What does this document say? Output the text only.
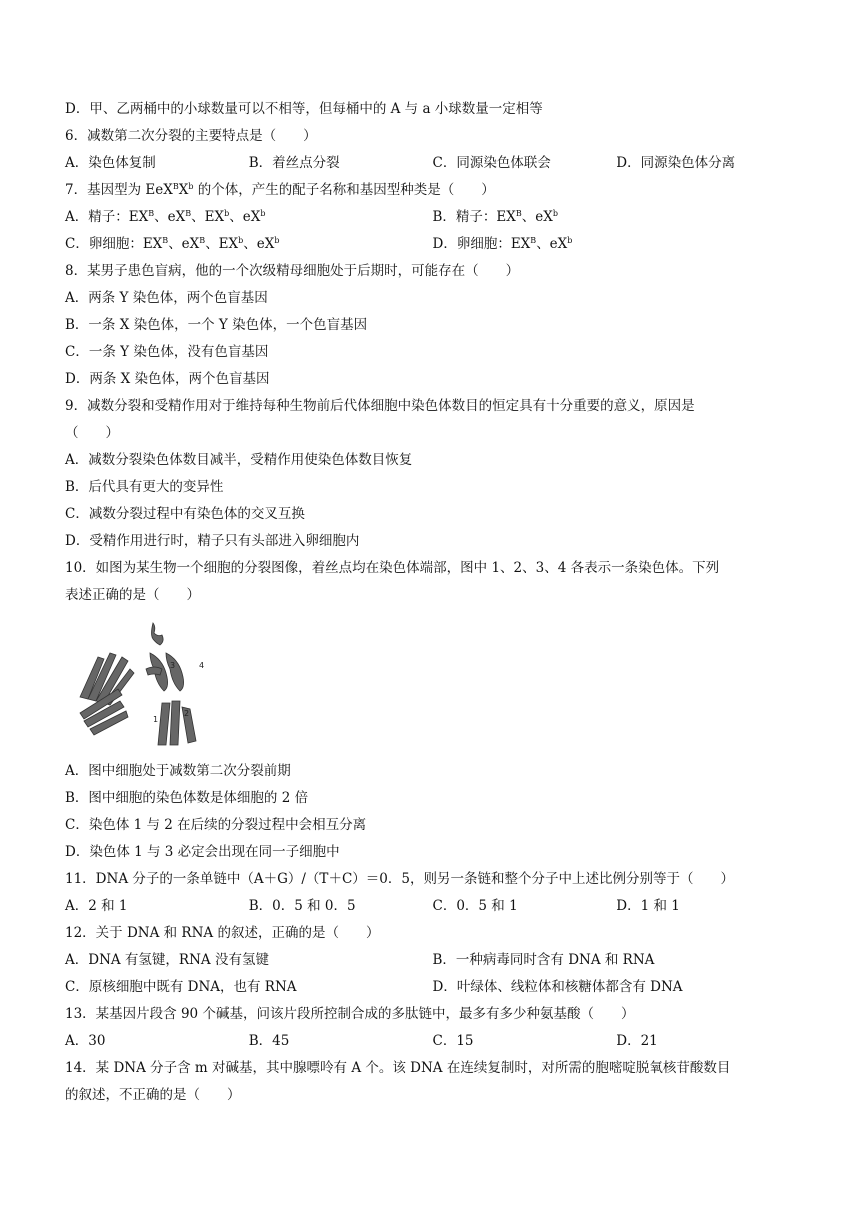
D．甲、乙两桶中的小球数量可以不相等，但每桶中的 A 与 a 小球数量一定相等
6．减数第二次分裂的主要特点是（　　）
A．染色体复制	B．着丝点分裂	C．同源染色体联会	D．同源染色体分离
7．基因型为 $EeX^BX^b$ 的个体，产生的配子名称和基因型种类是（　　）
A．精子：$EX^B$、$eX^B$、$EX^b$、$eX^b$	B．精子：$EX^B$、$eX^b$
C．卵细胞：$EX^B$、$eX^B$、$EX^b$、$eX^b$	D．卵细胞：$EX^B$、$eX^b$
8．某男子患色盲病，他的一个次级精母细胞处于后期时，可能存在（　　）
A．两条 Y 染色体，两个色盲基因
B．一条 X 染色体，一个 Y 染色体，一个色盲基因
C．一条 Y 染色体，没有色盲基因
D．两条 X 染色体，两个色盲基因
9．减数分裂和受精作用对于维持每种生物前后代体细胞中染色体数目的恒定具有十分重要的意义，原因是
（　　）
A．减数分裂染色体数目减半，受精作用使染色体数目恢复
B．后代具有更大的变异性
C．减数分裂过程中有染色体的交叉互换
D．受精作用进行时，精子只有头部进入卵细胞内
10．如图为某生物一个细胞的分裂图像，着丝点均在染色体端部，图中 1、2、3、4 各表示一条染色体。下列
表述正确的是（　　）
3	4
1
2
A．图中细胞处于减数第二次分裂前期
B．图中细胞的染色体数是体细胞的 2 倍
C．染色体 1 与 2 在后续的分裂过程中会相互分离
D．染色体 1 与 3 必定会出现在同一子细胞中
11．DNA 分子的一条单链中（A＋G）/（T＋C）＝0．5，则另一条链和整个分子中上述比例分别等于（　　）
A．2 和 1	B．0．5 和 0．5	C．0．5 和 1	D．1 和 1
12．关于 DNA 和 RNA 的叙述，正确的是（　　）
A．DNA 有氢键，RNA 没有氢键	B．一种病毒同时含有 DNA 和 RNA
C．原核细胞中既有 DNA，也有 RNA	D．叶绿体、线粒体和核糖体都含有 DNA
13．某基因片段含 90 个碱基，问该片段所控制合成的多肽链中，最多有多少种氨基酸（　　）
A．30	B．45	C．15	D．21
14．某 DNA 分子含 m 对碱基，其中腺嘌呤有 A 个。该 DNA 在连续复制时，对所需的胞嘧啶脱氧核苷酸数目
的叙述，不正确的是（　　）
